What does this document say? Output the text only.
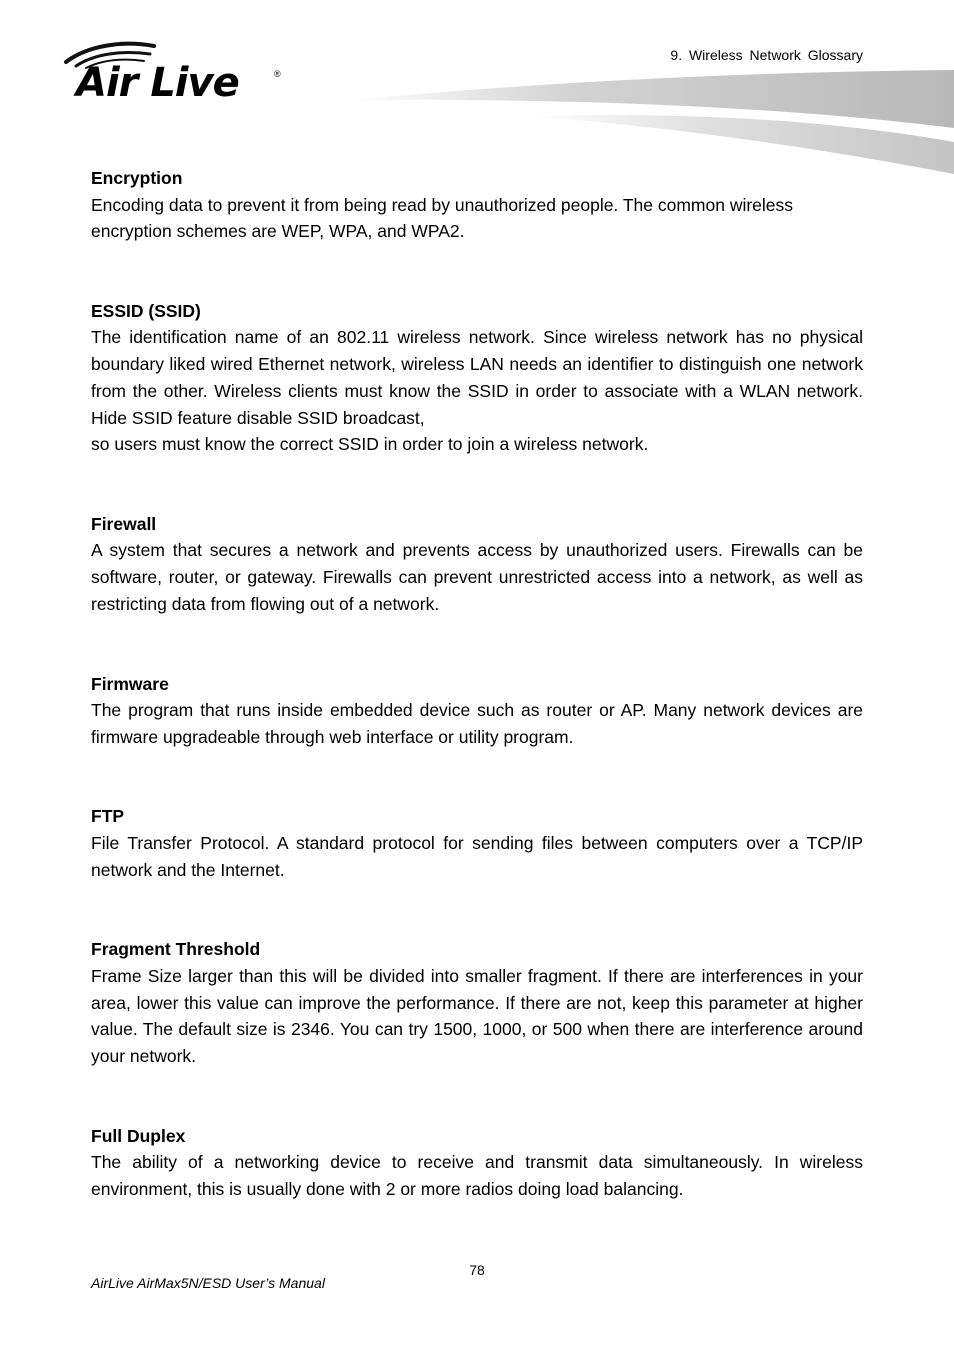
Air Live	®
9. Wireless Network Glossary

Encryption

Encoding data to prevent it from being read by unauthorized people. The common wireless encryption schemes are WEP, WPA, and WPA2.

ESSID (SSID)

The identification name of an 802.11 wireless network. Since wireless network has no physical boundary liked wired Ethernet network, wireless LAN needs an identifier to distinguish one network from the other. Wireless clients must know the SSID in order to associate with a WLAN network. Hide SSID feature disable SSID broadcast,

so users must know the correct SSID in order to join a wireless network.

Firewall

A system that secures a network and prevents access by unauthorized users. Firewalls can be software, router, or gateway. Firewalls can prevent unrestricted access into a network, as well as restricting data from flowing out of a network.

Firmware

The program that runs inside embedded device such as router or AP. Many network devices are firmware upgradeable through web interface or utility program.

FTP

File Transfer Protocol. A standard protocol for sending files between computers over a TCP/IP network and the Internet.

Fragment Threshold

Frame Size larger than this will be divided into smaller fragment. If there are interferences in your area, lower this value can improve the performance. If there are not, keep this parameter at higher value. The default size is 2346. You can try 1500, 1000, or 500 when there are interference around your network.

Full Duplex

The ability of a networking device to receive and transmit data simultaneously. In wireless environment, this is usually done with 2 or more radios doing load balancing.

78
AirLive AirMax5N/ESD User’s Manual
